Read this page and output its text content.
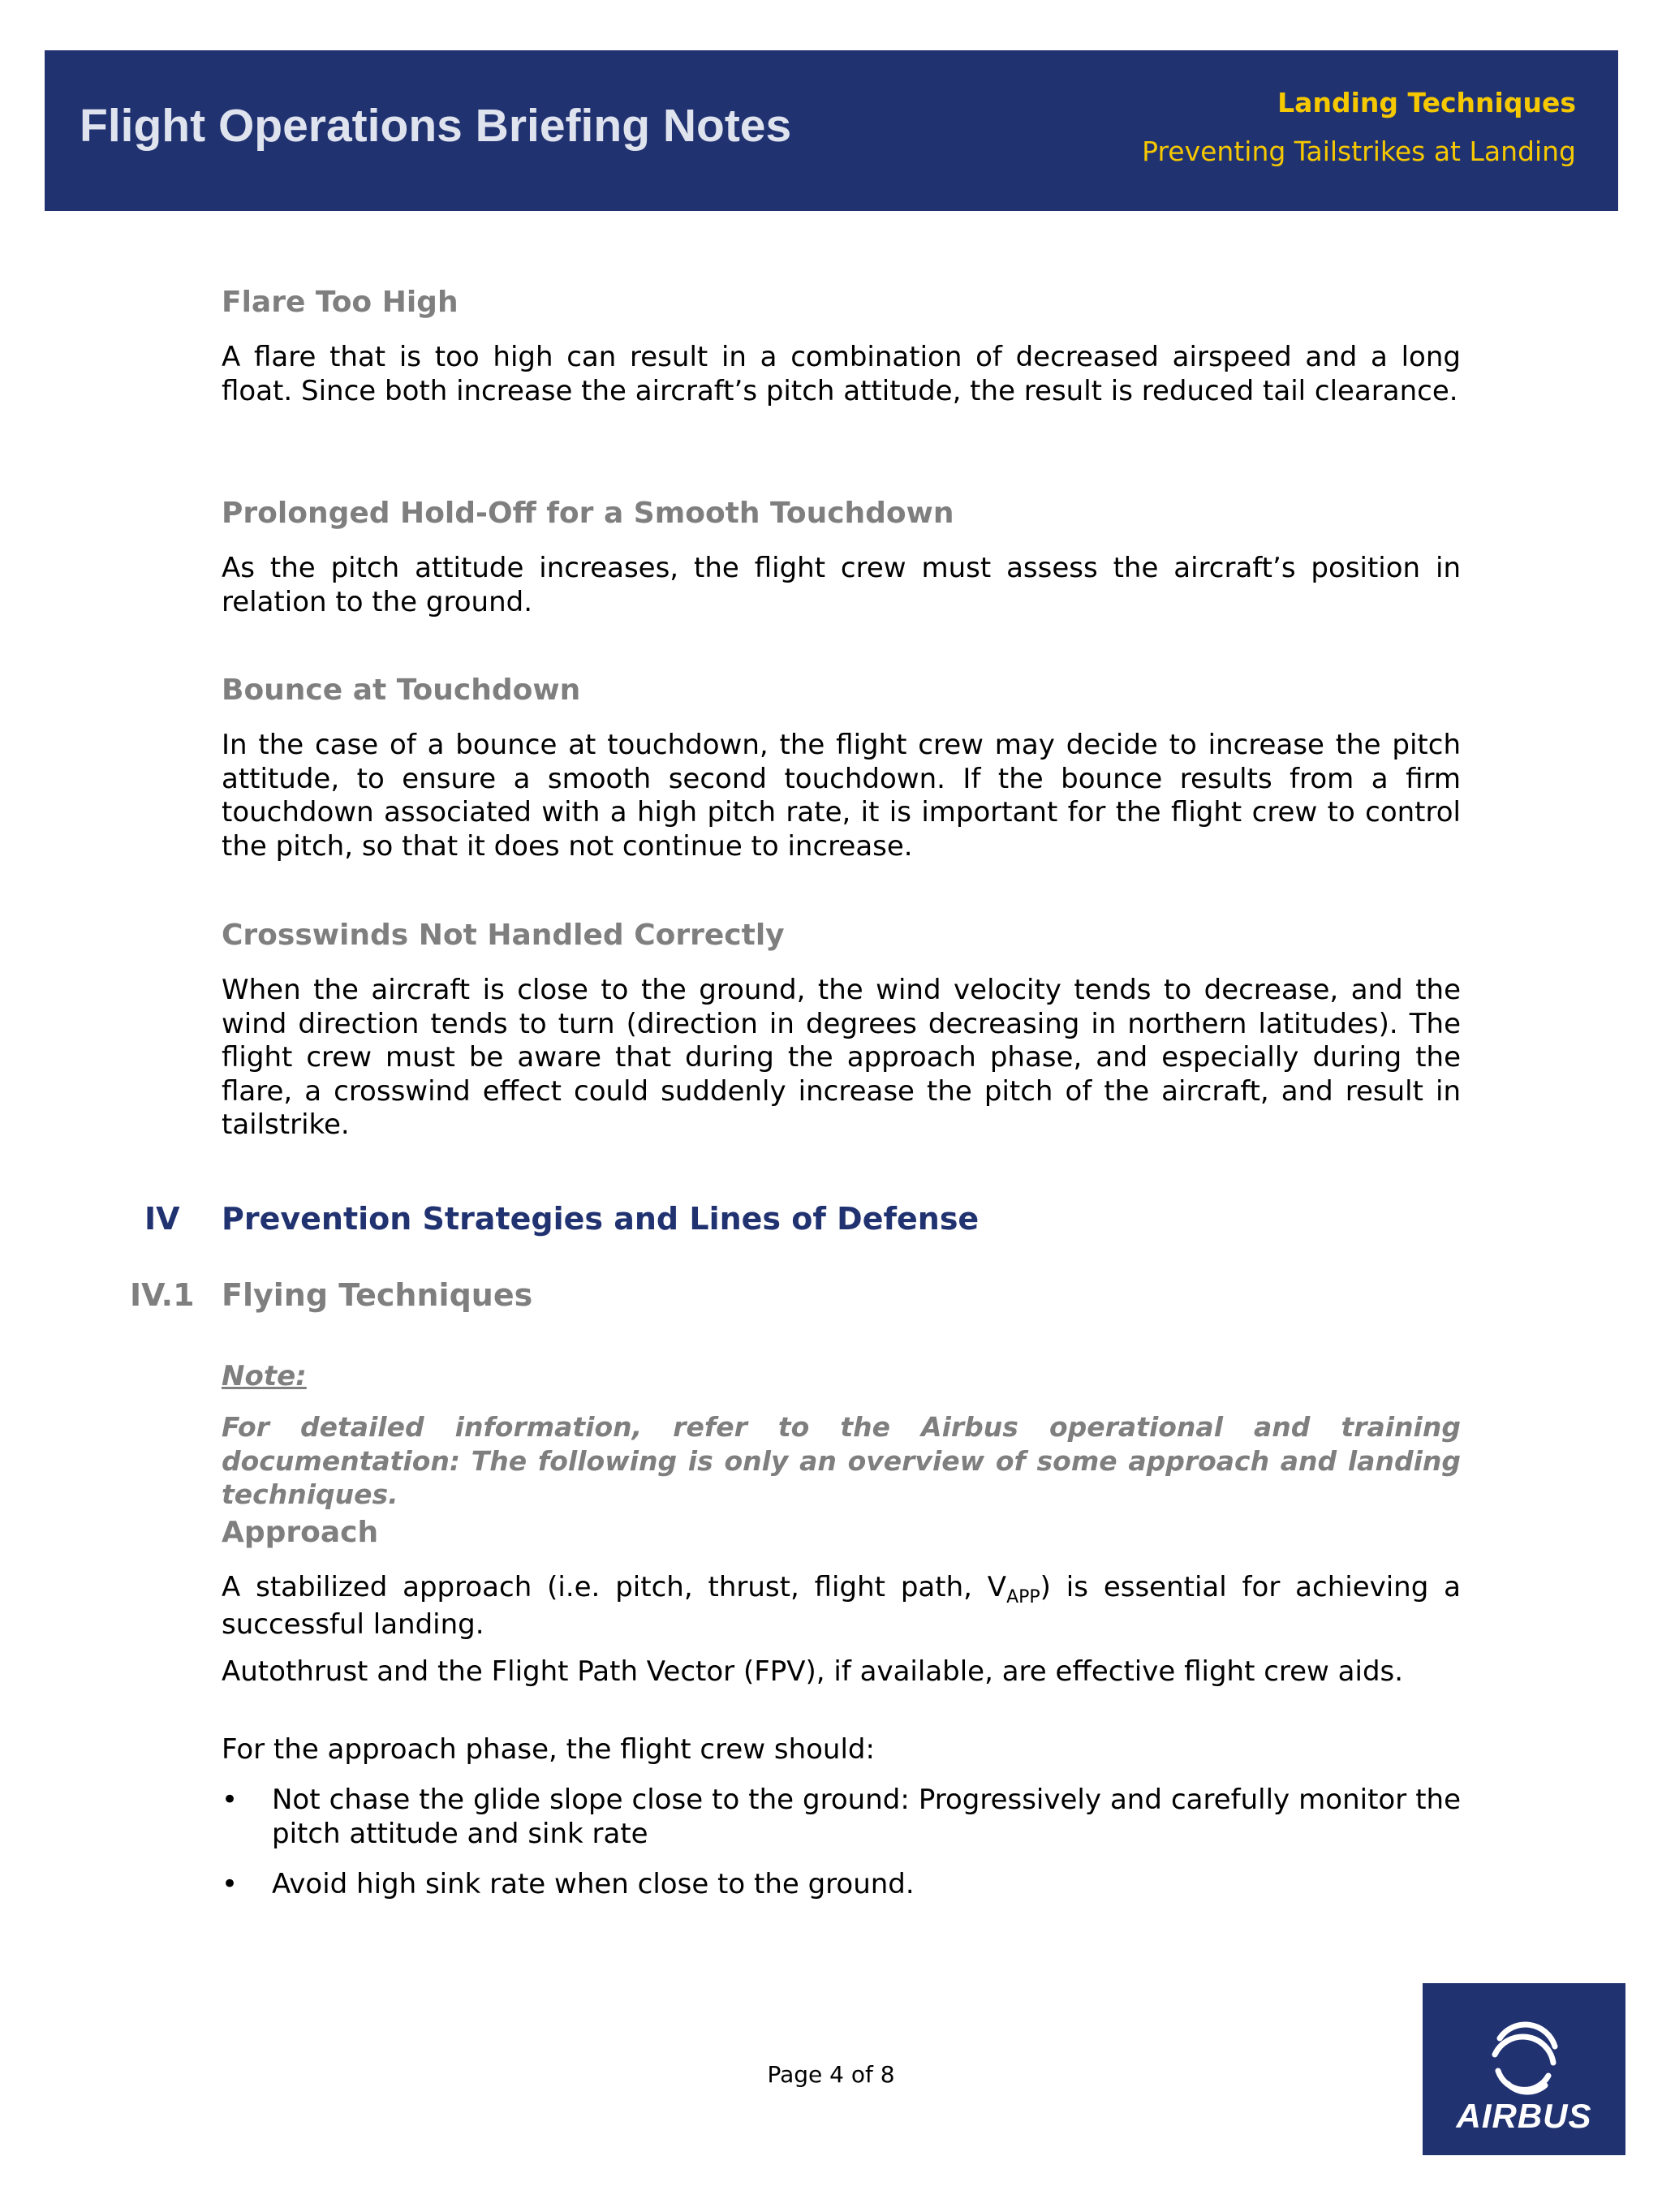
Flight Operations Briefing Notes	Landing Techniques
Preventing Tailstrikes at Landing
Flare Too High

A flare that is too high can result in a combination of decreased airspeed and a long float. Since both increase the aircraft’s pitch attitude, the result is reduced tail clearance.

Prolonged Hold-Off for a Smooth Touchdown

As the pitch attitude increases, the flight crew must assess the aircraft’s position in relation to the ground.

Bounce at Touchdown

In the case of a bounce at touchdown, the flight crew may decide to increase the pitch attitude, to ensure a smooth second touchdown. If the bounce results from a firm touchdown associated with a high pitch rate, it is important for the flight crew to control the pitch, so that it does not continue to increase.

Crosswinds Not Handled Correctly

When the aircraft is close to the ground, the wind velocity tends to decrease, and the wind direction tends to turn (direction in degrees decreasing in northern latitudes). The flight crew must be aware that during the approach phase, and especially during the flare, a crosswind effect could suddenly increase the pitch of the aircraft, and result in tailstrike.

IV Prevention Strategies and Lines of Defense
IV.1 Flying Techniques
Note:

For detailed information, refer to the Airbus operational and training documentation: The following is only an overview of some approach and landing techniques.

Approach

A stabilized approach (i.e. pitch, thrust, flight path, $V_{APP}$) is essential for achieving a successful landing.

Autothrust and the Flight Path Vector (FPV), if available, are effective flight crew aids.

For the approach phase, the flight crew should:

• Not chase the glide slope close to the ground: Progressively and carefully monitor the pitch attitude and sink rate

• Avoid high sink rate when close to the ground.

Page 4 of 8
AIRBUS
